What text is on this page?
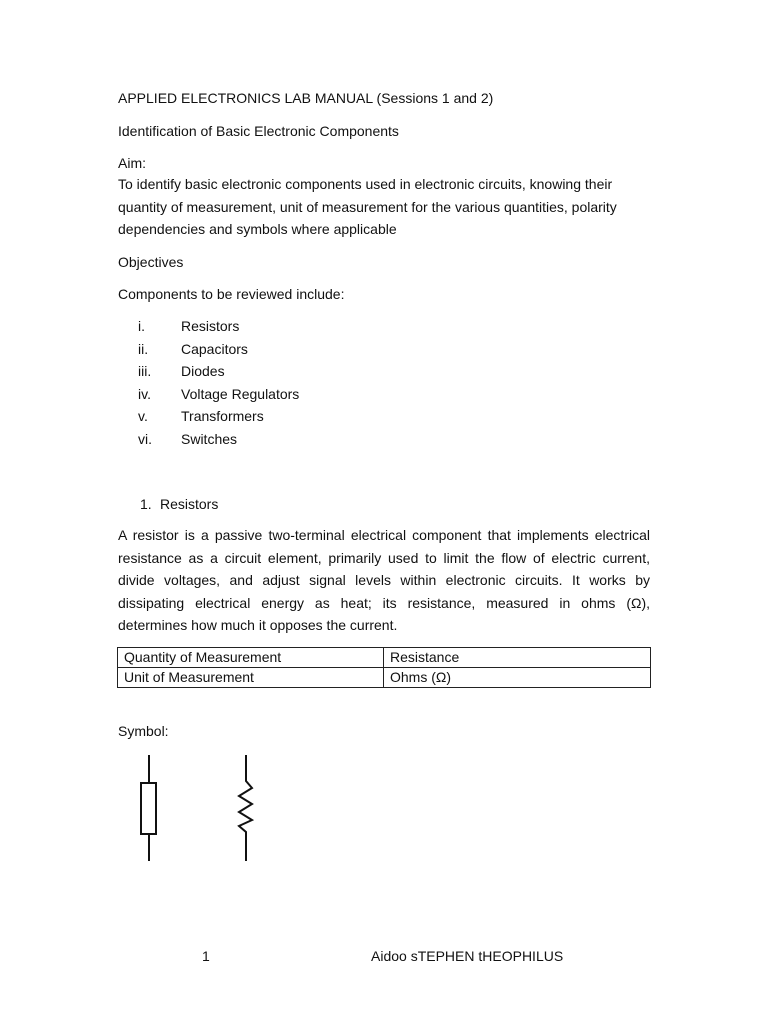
APPLIED ELECTRONICS LAB MANUAL (Sessions 1 and 2)

Identification of Basic Electronic Components

Aim:

To identify basic electronic components used in electronic circuits, knowing their quantity of measurement, unit of measurement for the various quantities, polarity dependencies and symbols where applicable

Objectives

Components to be reviewed include:

i.	Resistors
ii. Capacitors
iii. Diodes
iv. Voltage Regulators
v. Transformers
vi. Switches

1. Resistors

A resistor is a passive two-terminal electrical component that implements electrical resistance as a circuit element, primarily used to limit the flow of electric current, divide voltages, and adjust signal levels within electronic circuits. It works by dissipating electrical energy as heat; its resistance, measured in ohms (Ω), determines how much it opposes the current.

Quantity of Measurement	Resistance
Unit of Measurement	Ohms (Ω)

Symbol:

1	Aidoo sTEPHEN tHEOPHILUS
